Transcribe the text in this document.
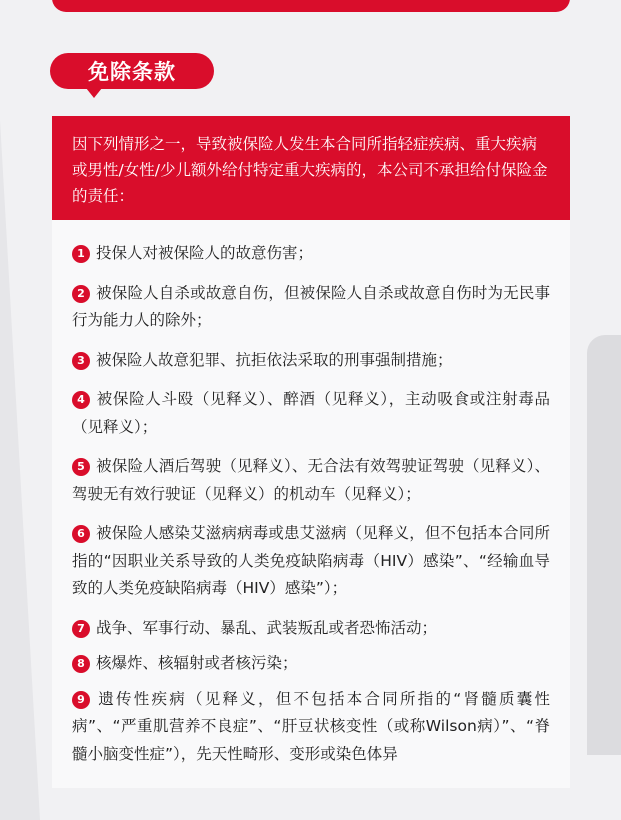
免除条款
因下列情形之一，导致被保险人发生本合同所指轻症疾病、重大疾病或男性/女性/少儿额外给付特定重大疾病的，本公司不承担给付保险金的责任：
1 投保人对被保险人的故意伤害；
2 被保险人自杀或故意自伤，但被保险人自杀或故意自伤时为无民事行为能力人的除外；
3 被保险人故意犯罪、抗拒依法采取的刑事强制措施；
4 被保险人斗殴（见释义）、醉酒（见释义），主动吸食或注射毒品（见释义）；
5 被保险人酒后驾驶（见释义）、无合法有效驾驶证驾驶（见释义）、驾驶无有效行驶证（见释义）的机动车（见释义）；
6 被保险人感染艾滋病病毒或患艾滋病（见释义，但不包括本合同所指的“因职业关系导致的人类免疫缺陷病毒（HIV）感染”、“经输血导致的人类免疫缺陷病毒（HIV）感染”）；
7 战争、军事行动、暴乱、武装叛乱或者恐怖活动；
8 核爆炸、核辐射或者核污染；
9 遗传性疾病（见释义，但不包括本合同所指的“肾髓质囊性病”、“严重肌营养不良症”、“肝豆状核变性（或称Wilson病）”、“脊髓小脑变性症”），先天性畸形、变形或染色体异
